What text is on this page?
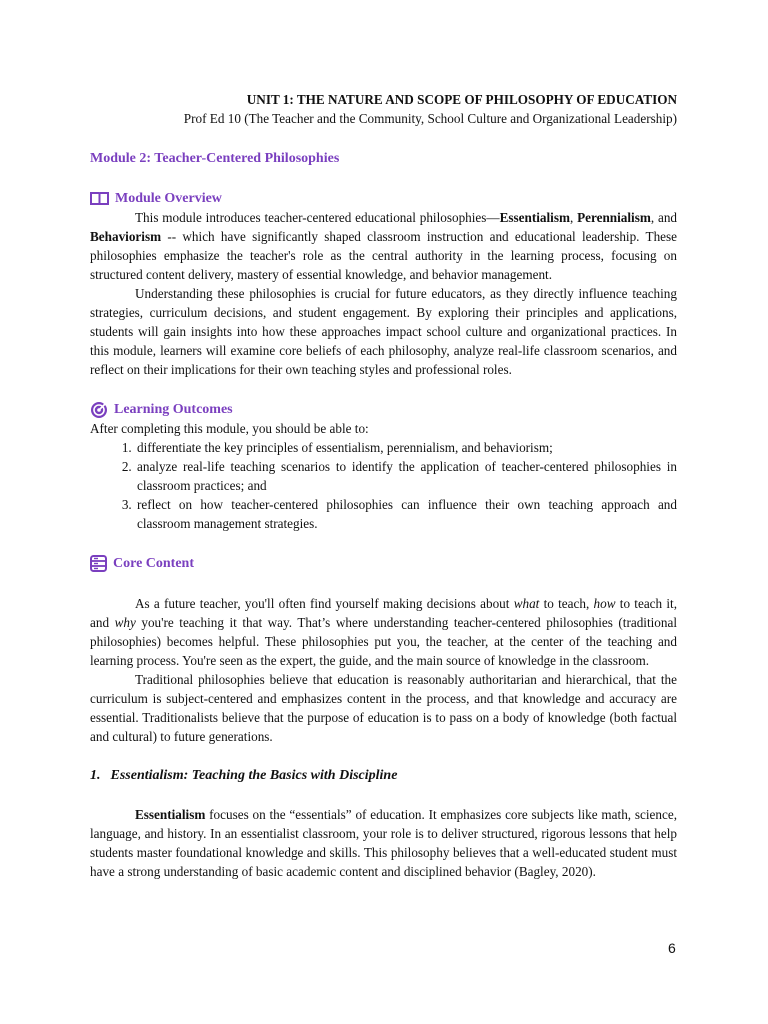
UNIT 1: THE NATURE AND SCOPE OF PHILOSOPHY OF EDUCATION
Prof Ed 10 (The Teacher and the Community, School Culture and Organizational Leadership)
Module 2: Teacher-Centered Philosophies
Module Overview

This module introduces teacher-centered educational philosophies—Essentialism, Perennialism, and Behaviorism -- which have significantly shaped classroom instruction and educational leadership. These philosophies emphasize the teacher's role as the central authority in the learning process, focusing on structured content delivery, mastery of essential knowledge, and behavior management.

Understanding these philosophies is crucial for future educators, as they directly influence teaching strategies, curriculum decisions, and student engagement. By exploring their principles and applications, students will gain insights into how these approaches impact school culture and organizational practices. In this module, learners will examine core beliefs of each philosophy, analyze real-life classroom scenarios, and reflect on their implications for their own teaching styles and professional roles.

Learning Outcomes

After completing this module, you should be able to:

1. differentiate the key principles of essentialism, perennialism, and behaviorism;
2. analyze real-life teaching scenarios to identify the application of teacher-centered philosophies in classroom practices; and
3. reflect on how teacher-centered philosophies can influence their own teaching approach and classroom management strategies.
Core Content

As a future teacher, you'll often find yourself making decisions about what to teach, how to teach it, and why you're teaching it that way. That’s where understanding teacher-centered philosophies (traditional philosophies) becomes helpful. These philosophies put you, the teacher, at the center of the teaching and learning process. You're seen as the expert, the guide, and the main source of knowledge in the classroom.

Traditional philosophies believe that education is reasonably authoritarian and hierarchical, that the curriculum is subject-centered and emphasizes content in the process, and that knowledge and accuracy are essential. Traditionalists believe that the purpose of education is to pass on a body of knowledge (both factual and cultural) to future generations.

1. Essentialism: Teaching the Basics with Discipline

Essentialism focuses on the “essentials” of education. It emphasizes core subjects like math, science, language, and history. In an essentialist classroom, your role is to deliver structured, rigorous lessons that help students master foundational knowledge and skills. This philosophy believes that a well-educated student must have a strong understanding of basic academic content and disciplined behavior (Bagley, 2020).

6
